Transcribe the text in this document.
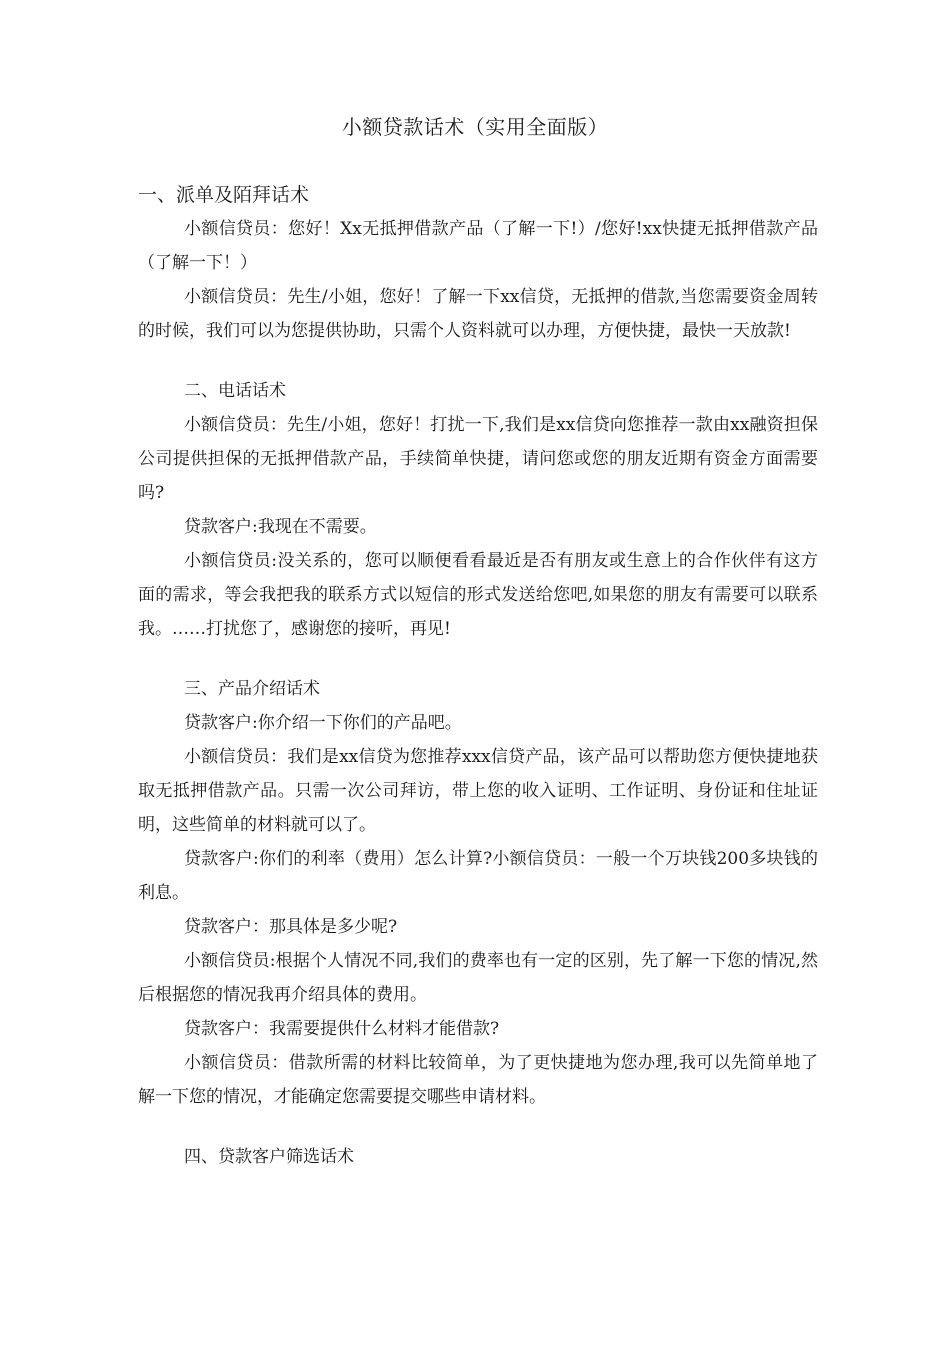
小额贷款话术（实用全面版）
一、派单及陌拜话术

小额信贷员：您好！Xx无抵押借款产品（了解一下!）/您好!xx快捷无抵押借款产品（了解一下！）

小额信贷员：先生/小姐，您好！了解一下xx信贷，无抵押的借款,当您需要资金周转的时候，我们可以为您提供协助，只需个人资料就可以办理，方便快捷，最快一天放款!

二、电话话术

小额信贷员：先生/小姐，您好！打扰一下,我们是xx信贷向您推荐一款由xx融资担保公司提供担保的无抵押借款产品，手续简单快捷，请问您或您的朋友近期有资金方面需要吗?

贷款客户:我现在不需要。

小额信贷员:没关系的，您可以顺便看看最近是否有朋友或生意上的合作伙伴有这方面的需求，等会我把我的联系方式以短信的形式发送给您吧,如果您的朋友有需要可以联系我。……打扰您了，感谢您的接听，再见!

三、产品介绍话术

贷款客户:你介绍一下你们的产品吧。

小额信贷员：我们是xx信贷为您推荐xxx信贷产品，该产品可以帮助您方便快捷地获取无抵押借款产品。只需一次公司拜访，带上您的收入证明、工作证明、身份证和住址证明，这些简单的材料就可以了。

贷款客户:你们的利率（费用）怎么计算?小额信贷员：一般一个万块钱200多块钱的利息。

贷款客户：那具体是多少呢?

小额信贷员:根据个人情况不同,我们的费率也有一定的区别，先了解一下您的情况,然后根据您的情况我再介绍具体的费用。

贷款客户：我需要提供什么材料才能借款?

小额信贷员：借款所需的材料比较简单，为了更快捷地为您办理,我可以先简单地了解一下您的情况，才能确定您需要提交哪些申请材料。

四、贷款客户筛选话术
